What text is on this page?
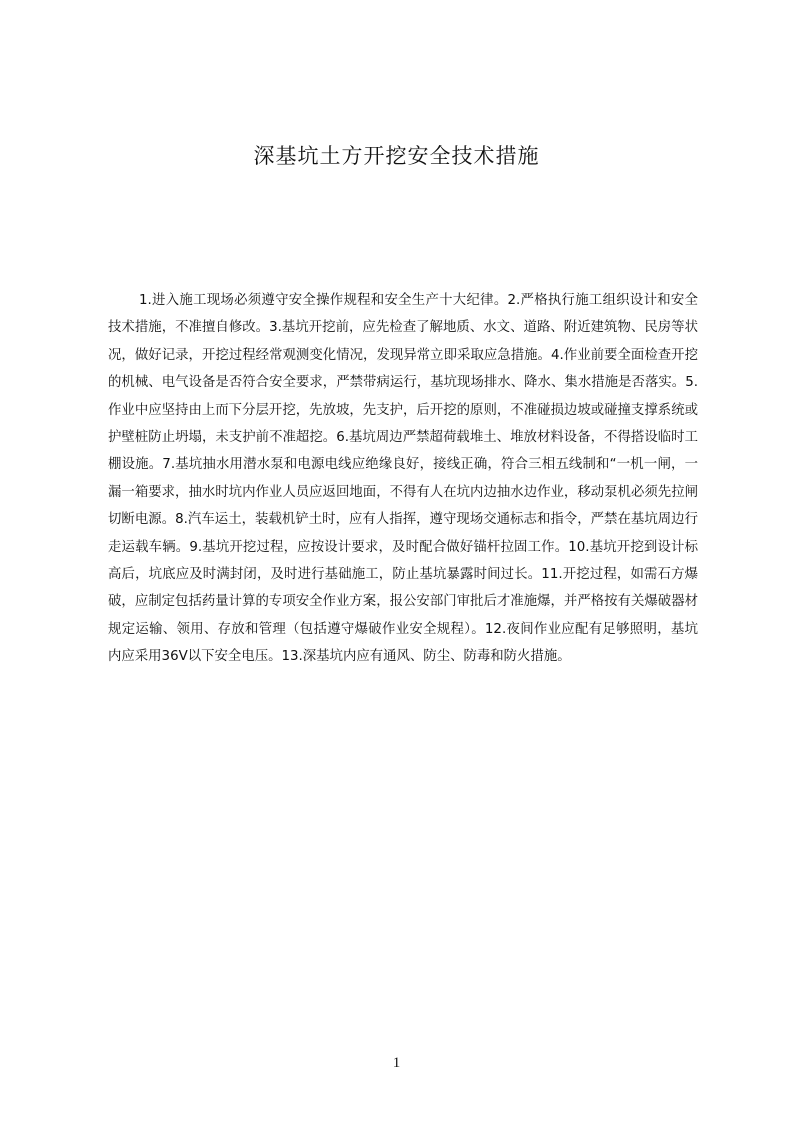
深基坑土方开挖安全技术措施

1.进入施工现场必须遵守安全操作规程和安全生产十大纪律。2.严格执行施工组织设计和安全技术措施，不准擅自修改。3.基坑开挖前，应先检查了解地质、水文、道路、附近建筑物、民房等状况，做好记录，开挖过程经常观测变化情况，发现异常立即采取应急措施。4.作业前要全面检查开挖的机械、电气设备是否符合安全要求，严禁带病运行，基坑现场排水、降水、集水措施是否落实。5.作业中应坚持由上而下分层开挖，先放坡，先支护，后开挖的原则，不准碰损边坡或碰撞支撑系统或护壁桩防止坍塌，未支护前不准超挖。6.基坑周边严禁超荷载堆土、堆放材料设备，不得搭设临时工棚设施。7.基坑抽水用潜水泵和电源电线应绝缘良好，接线正确，符合三相五线制和“一机一闸，一漏一箱要求，抽水时坑内作业人员应返回地面，不得有人在坑内边抽水边作业，移动泵机必须先拉闸切断电源。8.汽车运土，装载机铲土时，应有人指挥，遵守现场交通标志和指令，严禁在基坑周边行走运载车辆。9.基坑开挖过程，应按设计要求，及时配合做好锚杆拉固工作。10.基坑开挖到设计标高后，坑底应及时满封闭，及时进行基础施工，防止基坑暴露时间过长。11.开挖过程，如需石方爆破，应制定包括药量计算的专项安全作业方案，报公安部门审批后才准施爆，并严格按有关爆破器材规定运输、领用、存放和管理（包括遵守爆破作业安全规程）。12.夜间作业应配有足够照明，基坑内应采用36V以下安全电压。13.深基坑内应有通风、防尘、防毒和防火措施。

1
